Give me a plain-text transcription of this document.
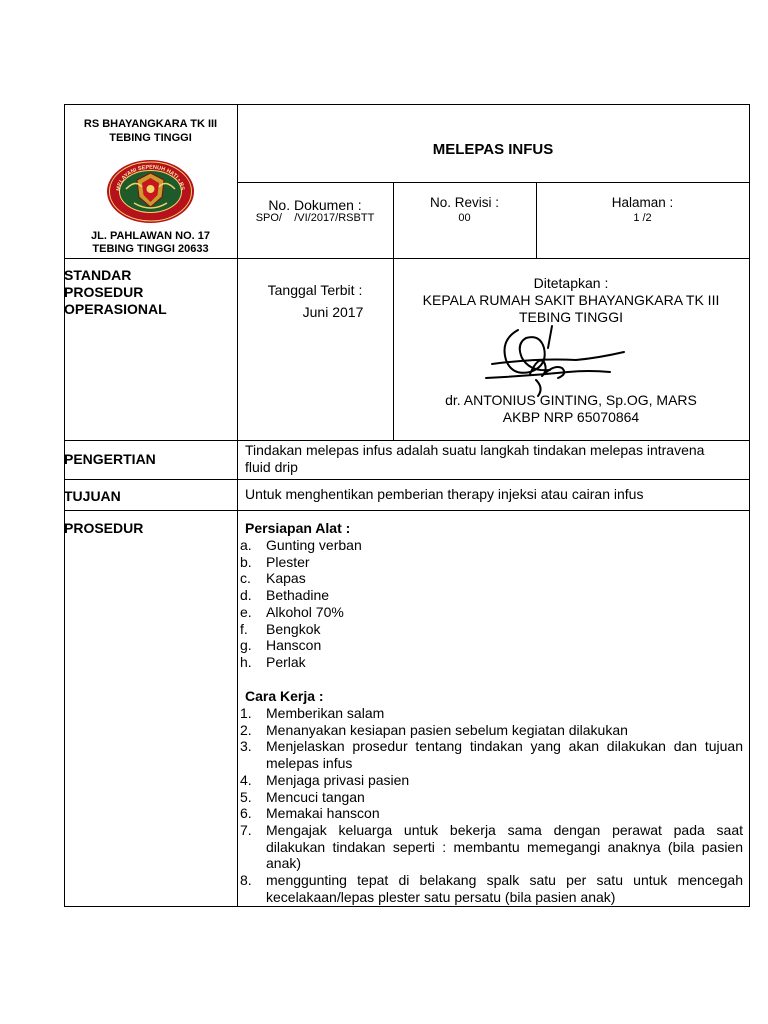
RS BHAYANGKARA TK III
TEBING TINGGI
MELAYANI SEPENUH HATI • RS
JL. PAHLAWAN NO. 17
TEBING TINGGI 20633
MELEPAS INFUS
No. Dokumen :
SPO/    /VI/2017/RSBTT
No. Revisi :
00
Halaman :
1 /2
STANDAR
PROSEDUR
OPERASIONAL
Tanggal Terbit :
Juni 2017
Ditetapkan :
KEPALA RUMAH SAKIT BHAYANGKARA TK III
TEBING TINGGI
dr. ANTONIUS GINTING, Sp.OG, MARS
AKBP NRP 65070864
PENGERTIAN
Tindakan melepas infus adalah suatu langkah tindakan melepas intravena
fluid drip
TUJUAN	Untuk menghentikan pemberian therapy injeksi atau cairan infus
PROSEDUR	Persiapan Alat :
a. Gunting verban
b. Plester
c. Kapas
d. Bethadine
e. Alkohol 70%
f. Bengkok
g. Hanscon
h. Perlak
Cara Kerja :
1. Memberikan salam
2. Menanyakan kesiapan pasien sebelum kegiatan dilakukan
3. Menjelaskan prosedur tentang tindakan yang akan dilakukan dan tujuan melepas infus
4. Menjaga privasi pasien
5. Mencuci tangan
6. Memakai hanscon
7. Mengajak keluarga untuk bekerja sama dengan perawat pada saat dilakukan tindakan seperti : membantu memegangi anaknya (bila pasien anak)
8. menggunting tepat di belakang spalk satu per satu untuk mencegah kecelakaan/lepas plester satu persatu (bila pasien anak)
